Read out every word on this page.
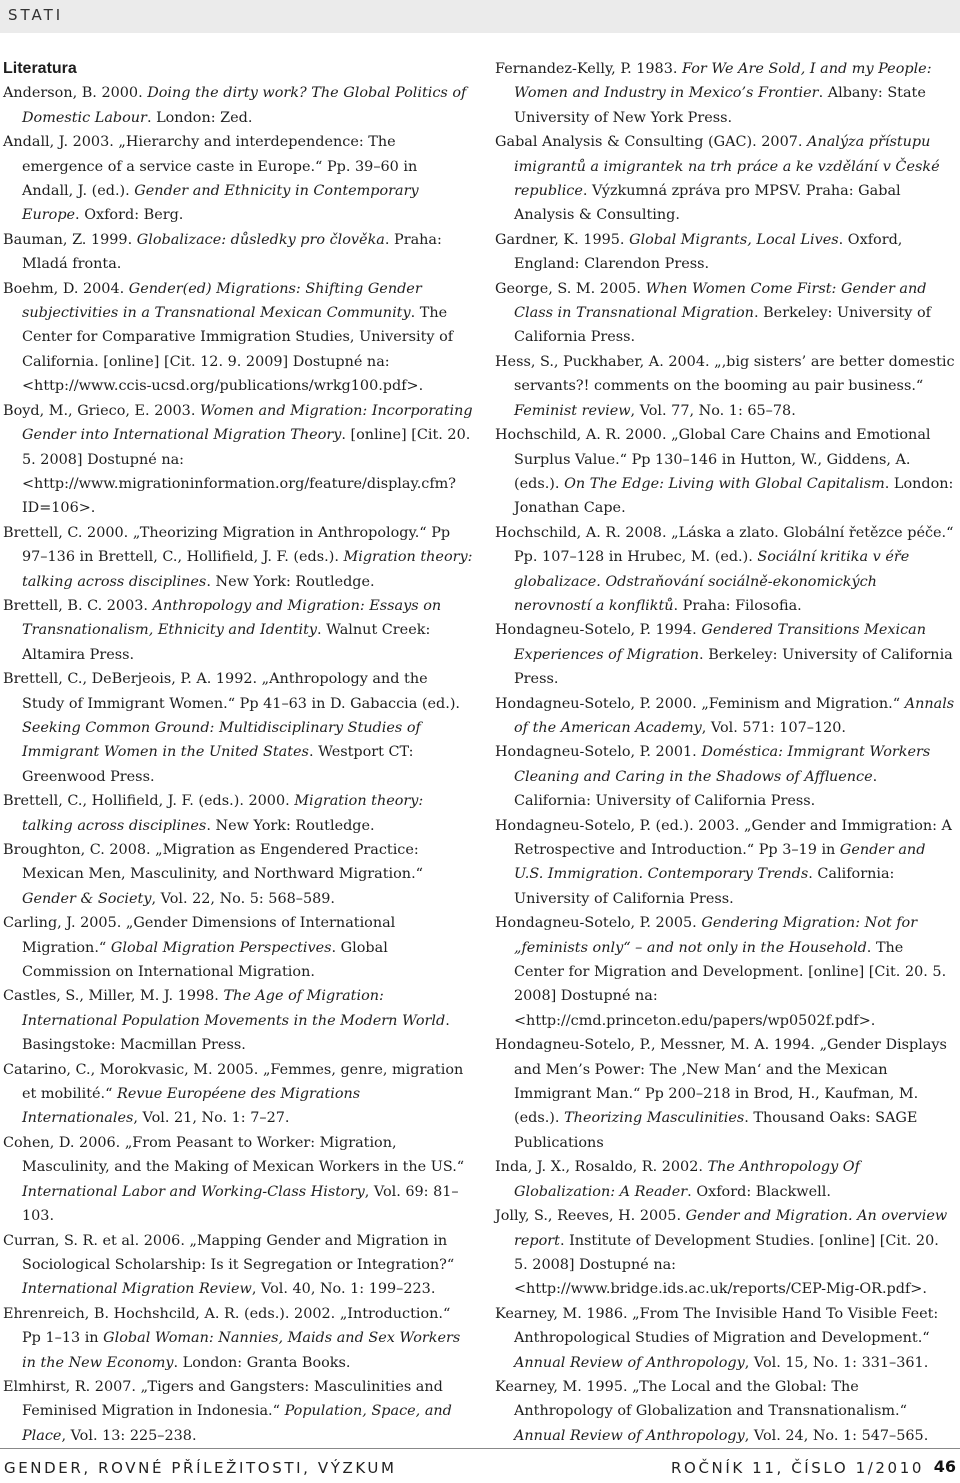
STATI

Literatura

Anderson, B. 2000. Doing the dirty work? The Global Politics of Domestic Labour. London: Zed.

Andall, J. 2003. „Hierarchy and interdependence: The emergence of a service caste in Europe.“ Pp. 39–60 in Andall, J. (ed.). Gender and Ethnicity in Contemporary Europe. Oxford: Berg.

Bauman, Z. 1999. Globalizace: důsledky pro člověka. Praha: Mladá fronta.

Boehm, D. 2004. Gender(ed) Migrations: Shifting Gender subjectivities in a Transnational Mexican Community. The Center for Comparative Immigration Studies, University of California. [online] [Cit. 12. 9. 2009] Dostupné na: <http://www.ccis-ucsd.org/publications/wrkg100.pdf>.

Boyd, M., Grieco, E. 2003. Women and Migration: Incorporating Gender into International Migration Theory. [online] [Cit. 20. 5. 2008] Dostupné na: <http://www.migrationinformation.org/feature/display.cfm?ID=106>.

Brettell, C. 2000. „Theorizing Migration in Anthropology.“ Pp 97–136 in Brettell, C., Hollifield, J. F. (eds.). Migration theory: talking across disciplines. New York: Routledge.

Brettell, B. C. 2003. Anthropology and Migration: Essays on Transnationalism, Ethnicity and Identity. Walnut Creek: Altamira Press.

Brettell, C., DeBerjeois, P. A. 1992. „Anthropology and the Study of Immigrant Women.“ Pp 41–63 in D. Gabaccia (ed.). Seeking Common Ground: Multidisciplinary Studies of Immigrant Women in the United States. Westport CT: Greenwood Press.

Brettell, C., Hollifield, J. F. (eds.). 2000. Migration theory: talking across disciplines. New York: Routledge.

Broughton, C. 2008. „Migration as Engendered Practice: Mexican Men, Masculinity, and Northward Migration.“ Gender & Society, Vol. 22, No. 5: 568–589.

Carling, J. 2005. „Gender Dimensions of International Migration.“ Global Migration Perspectives. Global Commission on International Migration.

Castles, S., Miller, M. J. 1998. The Age of Migration: International Population Movements in the Modern World. Basingstoke: Macmillan Press.

Catarino, C., Morokvasic, M. 2005. „Femmes, genre, migration et mobilité.“ Revue Européene des Migrations Internationales, Vol. 21, No. 1: 7–27.

Cohen, D. 2006. „From Peasant to Worker: Migration, Masculinity, and the Making of Mexican Workers in the US.“ International Labor and Working-Class History, Vol. 69: 81–103.

Curran, S. R. et al. 2006. „Mapping Gender and Migration in Sociological Scholarship: Is it Segregation or Integration?“ International Migration Review, Vol. 40, No. 1: 199–223.

Ehrenreich, B. Hochshcild, A. R. (eds.). 2002. „Introduction.“ Pp 1–13 in Global Woman: Nannies, Maids and Sex Workers in the New Economy. London: Granta Books.

Elmhirst, R. 2007. „Tigers and Gangsters: Masculinities and Feminised Migration in Indonesia.“ Population, Space, and Place, Vol. 13: 225–238.

Fernandez-Kelly, P. 1983. For We Are Sold, I and my People: Women and Industry in Mexico’s Frontier. Albany: State University of New York Press.

Gabal Analysis & Consulting (GAC). 2007. Analýza přístupu imigrantů a imigrantek na trh práce a ke vzdělání v České republice. Výzkumná zpráva pro MPSV. Praha: Gabal Analysis & Consulting.

Gardner, K. 1995. Global Migrants, Local Lives. Oxford, England: Clarendon Press.

George, S. M. 2005. When Women Come First: Gender and Class in Transnational Migration. Berkeley: University of California Press.

Hess, S., Puckhaber, A. 2004. „‚big sisters’ are better domestic servants?! comments on the booming au pair business.“ Feminist review, Vol. 77, No. 1: 65–78.

Hochschild, A. R. 2000. „Global Care Chains and Emotional Surplus Value.“ Pp 130–146 in Hutton, W., Giddens, A. (eds.). On The Edge: Living with Global Capitalism. London: Jonathan Cape.

Hochschild, A. R. 2008. „Láska a zlato. Globální řetězce péče.“ Pp. 107–128 in Hrubec, M. (ed.). Sociální kritika v éře globalizace. Odstraňování sociálně-ekonomických nerovností a konfliktů. Praha: Filosofia.

Hondagneu-Sotelo, P. 1994. Gendered Transitions Mexican Experiences of Migration. Berkeley: University of California Press.

Hondagneu-Sotelo, P. 2000. „Feminism and Migration.“ Annals of the American Academy, Vol. 571: 107–120.

Hondagneu-Sotelo, P. 2001. Doméstica: Immigrant Workers Cleaning and Caring in the Shadows of Affluence. California: University of California Press.

Hondagneu-Sotelo, P. (ed.). 2003. „Gender and Immigration: A Retrospective and Introduction.“ Pp 3–19 in Gender and U.S. Immigration. Contemporary Trends. California: University of California Press.

Hondagneu-Sotelo, P. 2005. Gendering Migration: Not for „feminists only“ – and not only in the Household. The Center for Migration and Development. [online] [Cit. 20. 5. 2008] Dostupné na: <http://cmd.princeton.edu/papers/wp0502f.pdf>.

Hondagneu-Sotelo, P., Messner, M. A. 1994. „Gender Displays and Men’s Power: The ‚New Man‘ and the Mexican Immigrant Man.“ Pp 200–218 in Brod, H., Kaufman, M. (eds.). Theorizing Masculinities. Thousand Oaks: SAGE Publications

Inda, J. X., Rosaldo, R. 2002. The Anthropology Of Globalization: A Reader. Oxford: Blackwell.

Jolly, S., Reeves, H. 2005. Gender and Migration. An overview report. Institute of Development Studies. [online] [Cit. 20. 5. 2008] Dostupné na: <http://www.bridge.ids.ac.uk/reports/CEP-Mig-OR.pdf>.

Kearney, M. 1986. „From The Invisible Hand To Visible Feet: Anthropological Studies of Migration and Development.“ Annual Review of Anthropology, Vol. 15, No. 1: 331–361.

Kearney, M. 1995. „The Local and the Global: The Anthropology of Globalization and Transnationalism.“ Annual Review of Anthropology, Vol. 24, No. 1: 547–565.

GENDER, ROVNÉ PŘÍLEŽITOSTI, VÝZKUM	ROČNÍK 11, ČÍSLO 1/2010 46
